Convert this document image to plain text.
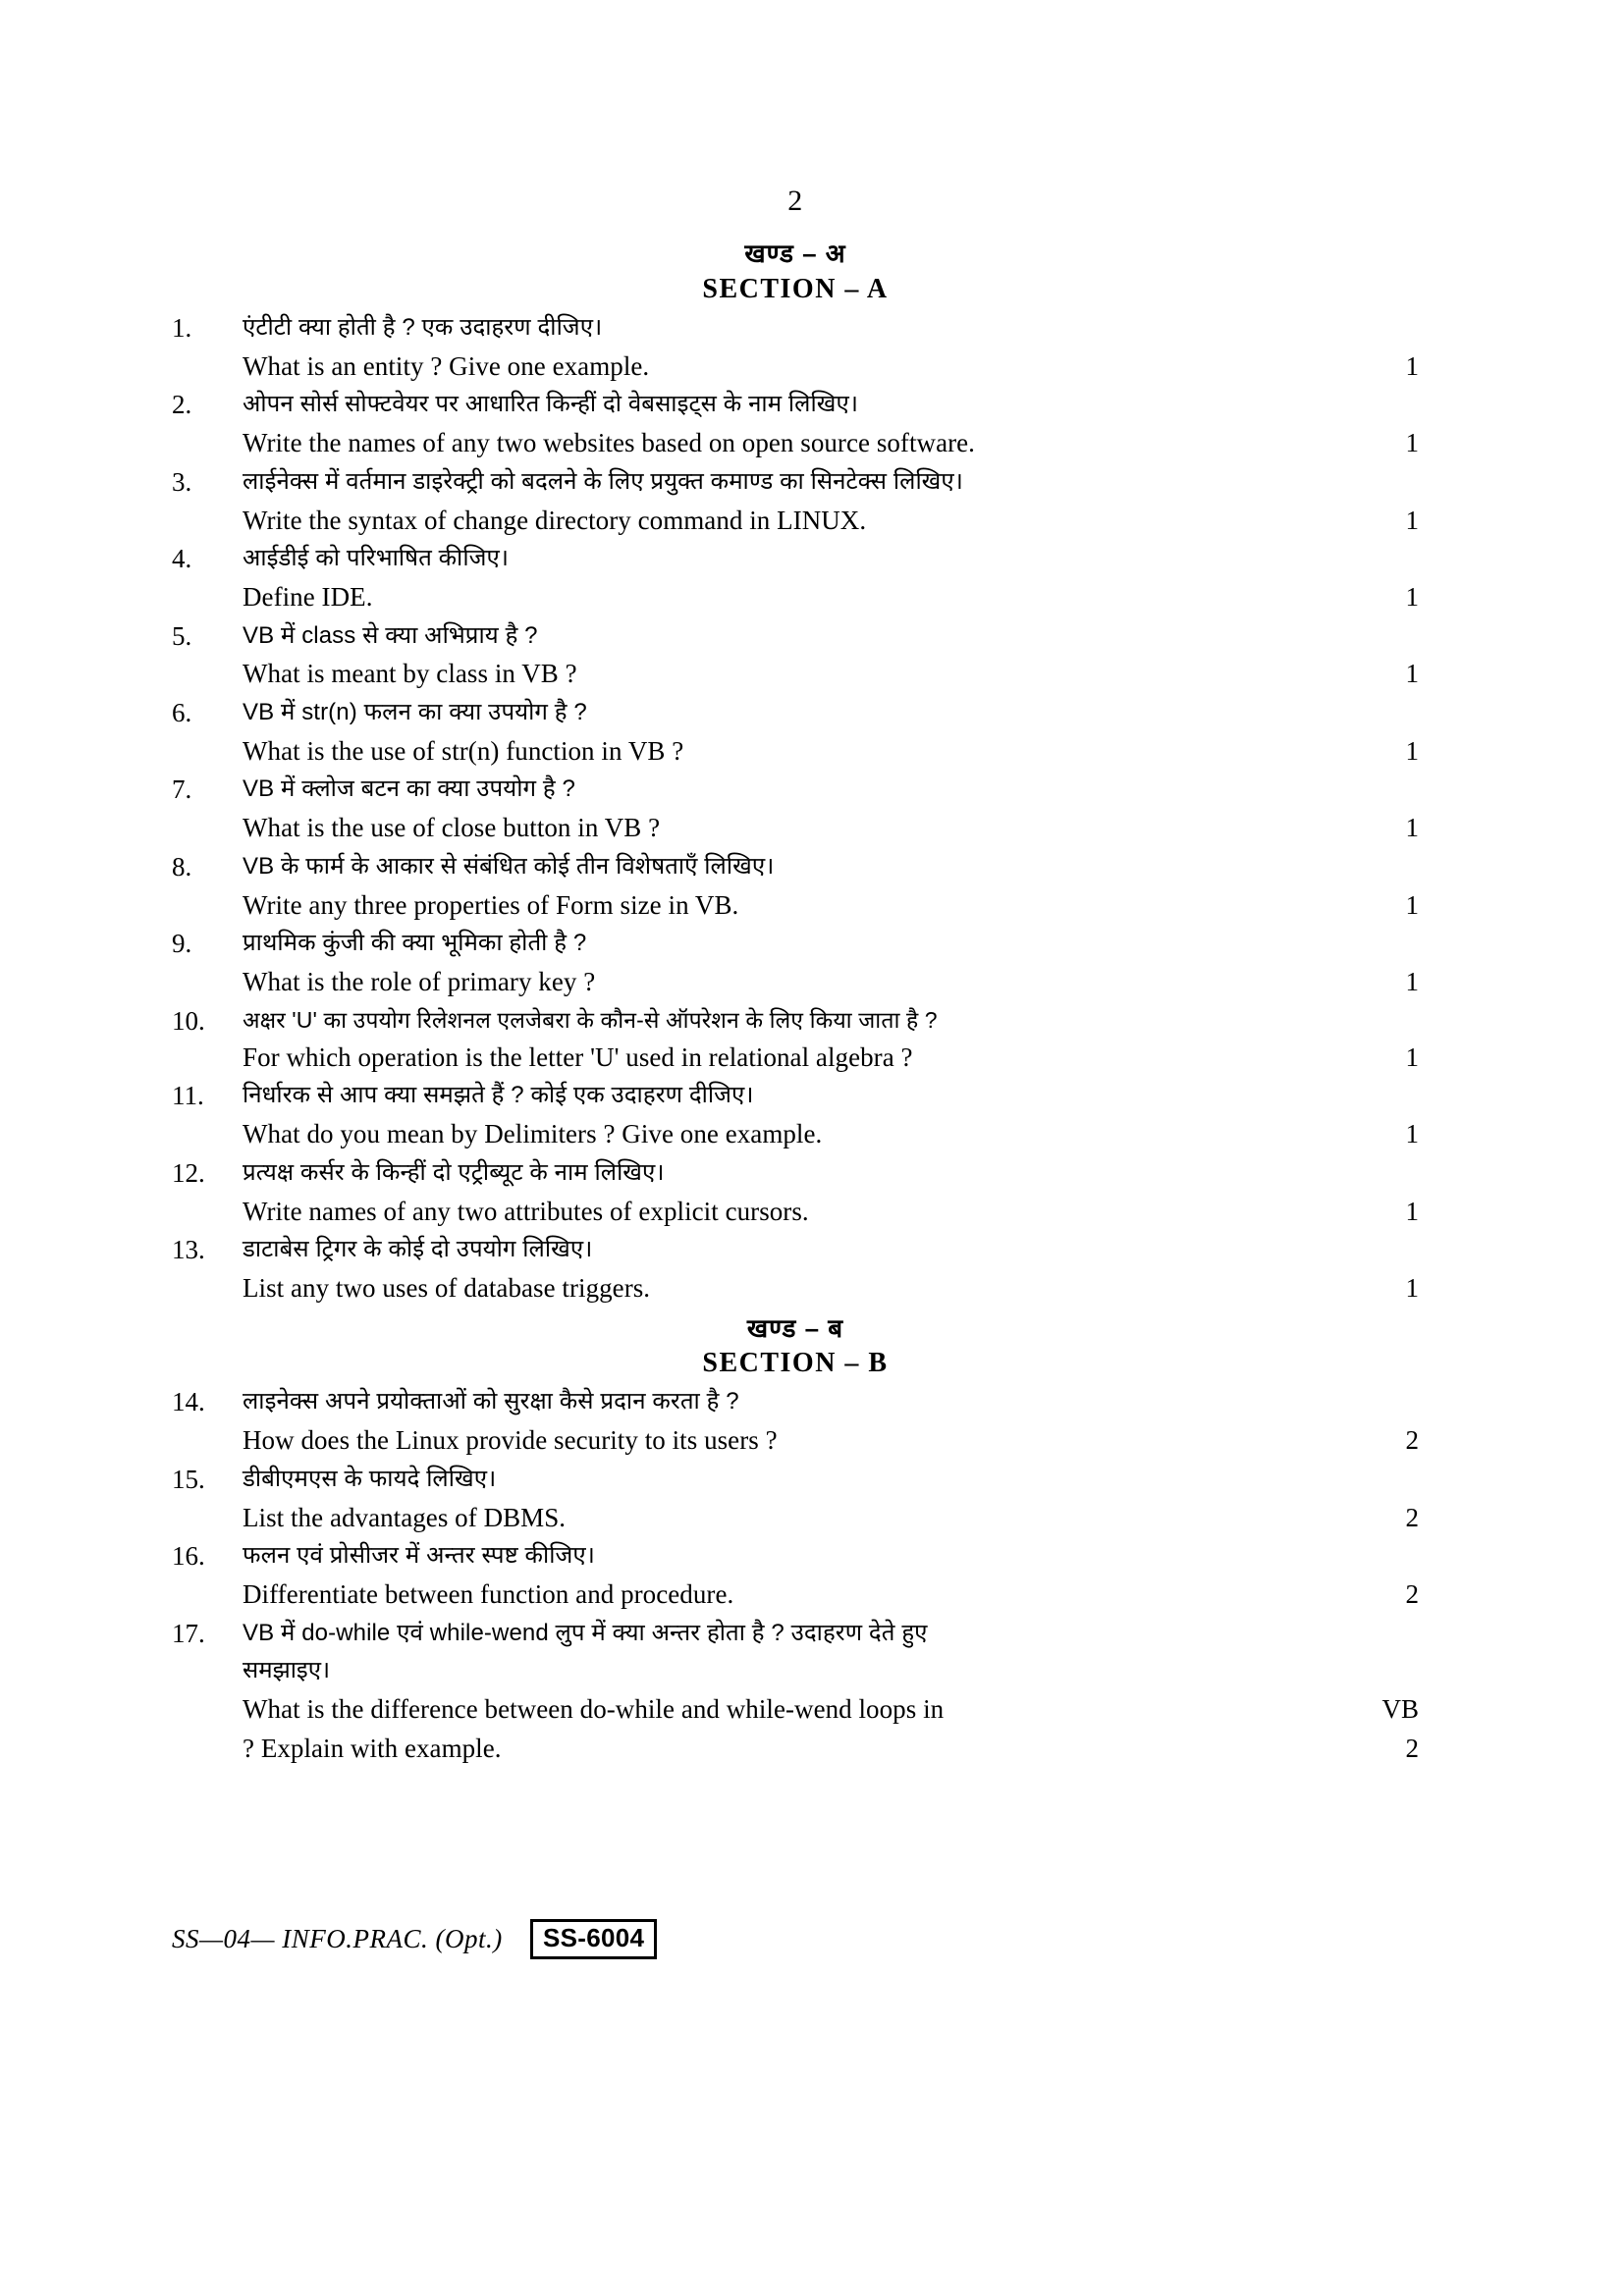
2
खण्ड – अ
SECTION – A
1.	एंटीटी क्या होती है ? एक उदाहरण दीजिए।
What is an entity ? Give one example.	1
2.	ओपन सोर्स सोफ्टवेयर पर आधारित किन्हीं दो वेबसाइट्स के नाम लिखिए।
Write the names of any two websites based on open source software.	1
3.	लाईनेक्स में वर्तमान डाइरेक्ट्री को बदलने के लिए प्रयुक्त कमाण्ड का सिनटेक्स लिखिए।
Write the syntax of change directory command in LINUX.	1
4.	आईडीई को परिभाषित कीजिए।
Define IDE.	1
5.	VB में class से क्या अभिप्राय है ?
What is meant by class in VB ?	1
6.	VB में str(n) फलन का क्या उपयोग है ?
What is the use of str(n) function in VB ?	1
7.	VB में क्लोज बटन का क्या उपयोग है ?
What is the use of close button in VB ?	1
8.	VB के फार्म के आकार से संबंधित कोई तीन विशेषताएँ लिखिए।
Write any three properties of Form size in VB.	1
9.	प्राथमिक कुंजी की क्या भूमिका होती है ?
What is the role of primary key ?	1
10.	अक्षर 'U' का उपयोग रिलेशनल एलजेबरा के कौन-से ऑपरेशन के लिए किया जाता है ?
For which operation is the letter 'U' used in relational algebra ?	1
11.	निर्धारक से आप क्या समझते हैं ? कोई एक उदाहरण दीजिए।
What do you mean by Delimiters ? Give one example.	1
12.	प्रत्यक्ष कर्सर के किन्हीं दो एट्रीब्यूट के नाम लिखिए।
Write names of any two attributes of explicit cursors.	1
13.	डाटाबेस ट्रिगर के कोई दो उपयोग लिखिए।
List any two uses of database triggers.	1
खण्ड – ब
SECTION – B
14.	लाइनेक्स अपने प्रयोक्ताओं को सुरक्षा कैसे प्रदान करता है ?
How does the Linux provide security to its users ?	2
15.	डीबीएमएस के फायदे लिखिए।
List the advantages of DBMS.	2
16.	फलन एवं प्रोसीजर में अन्तर स्पष्ट कीजिए।
Differentiate between function and procedure.	2
17.	VB में do-while एवं while-wend लुप में क्या अन्तर होता है ? उदाहरण देते हुए
समझाइए।
What is the difference between do-while and while-wend loops in	VB
? Explain with example.	2
SS—04— INFO.PRAC. (Opt.)	SS-6004
